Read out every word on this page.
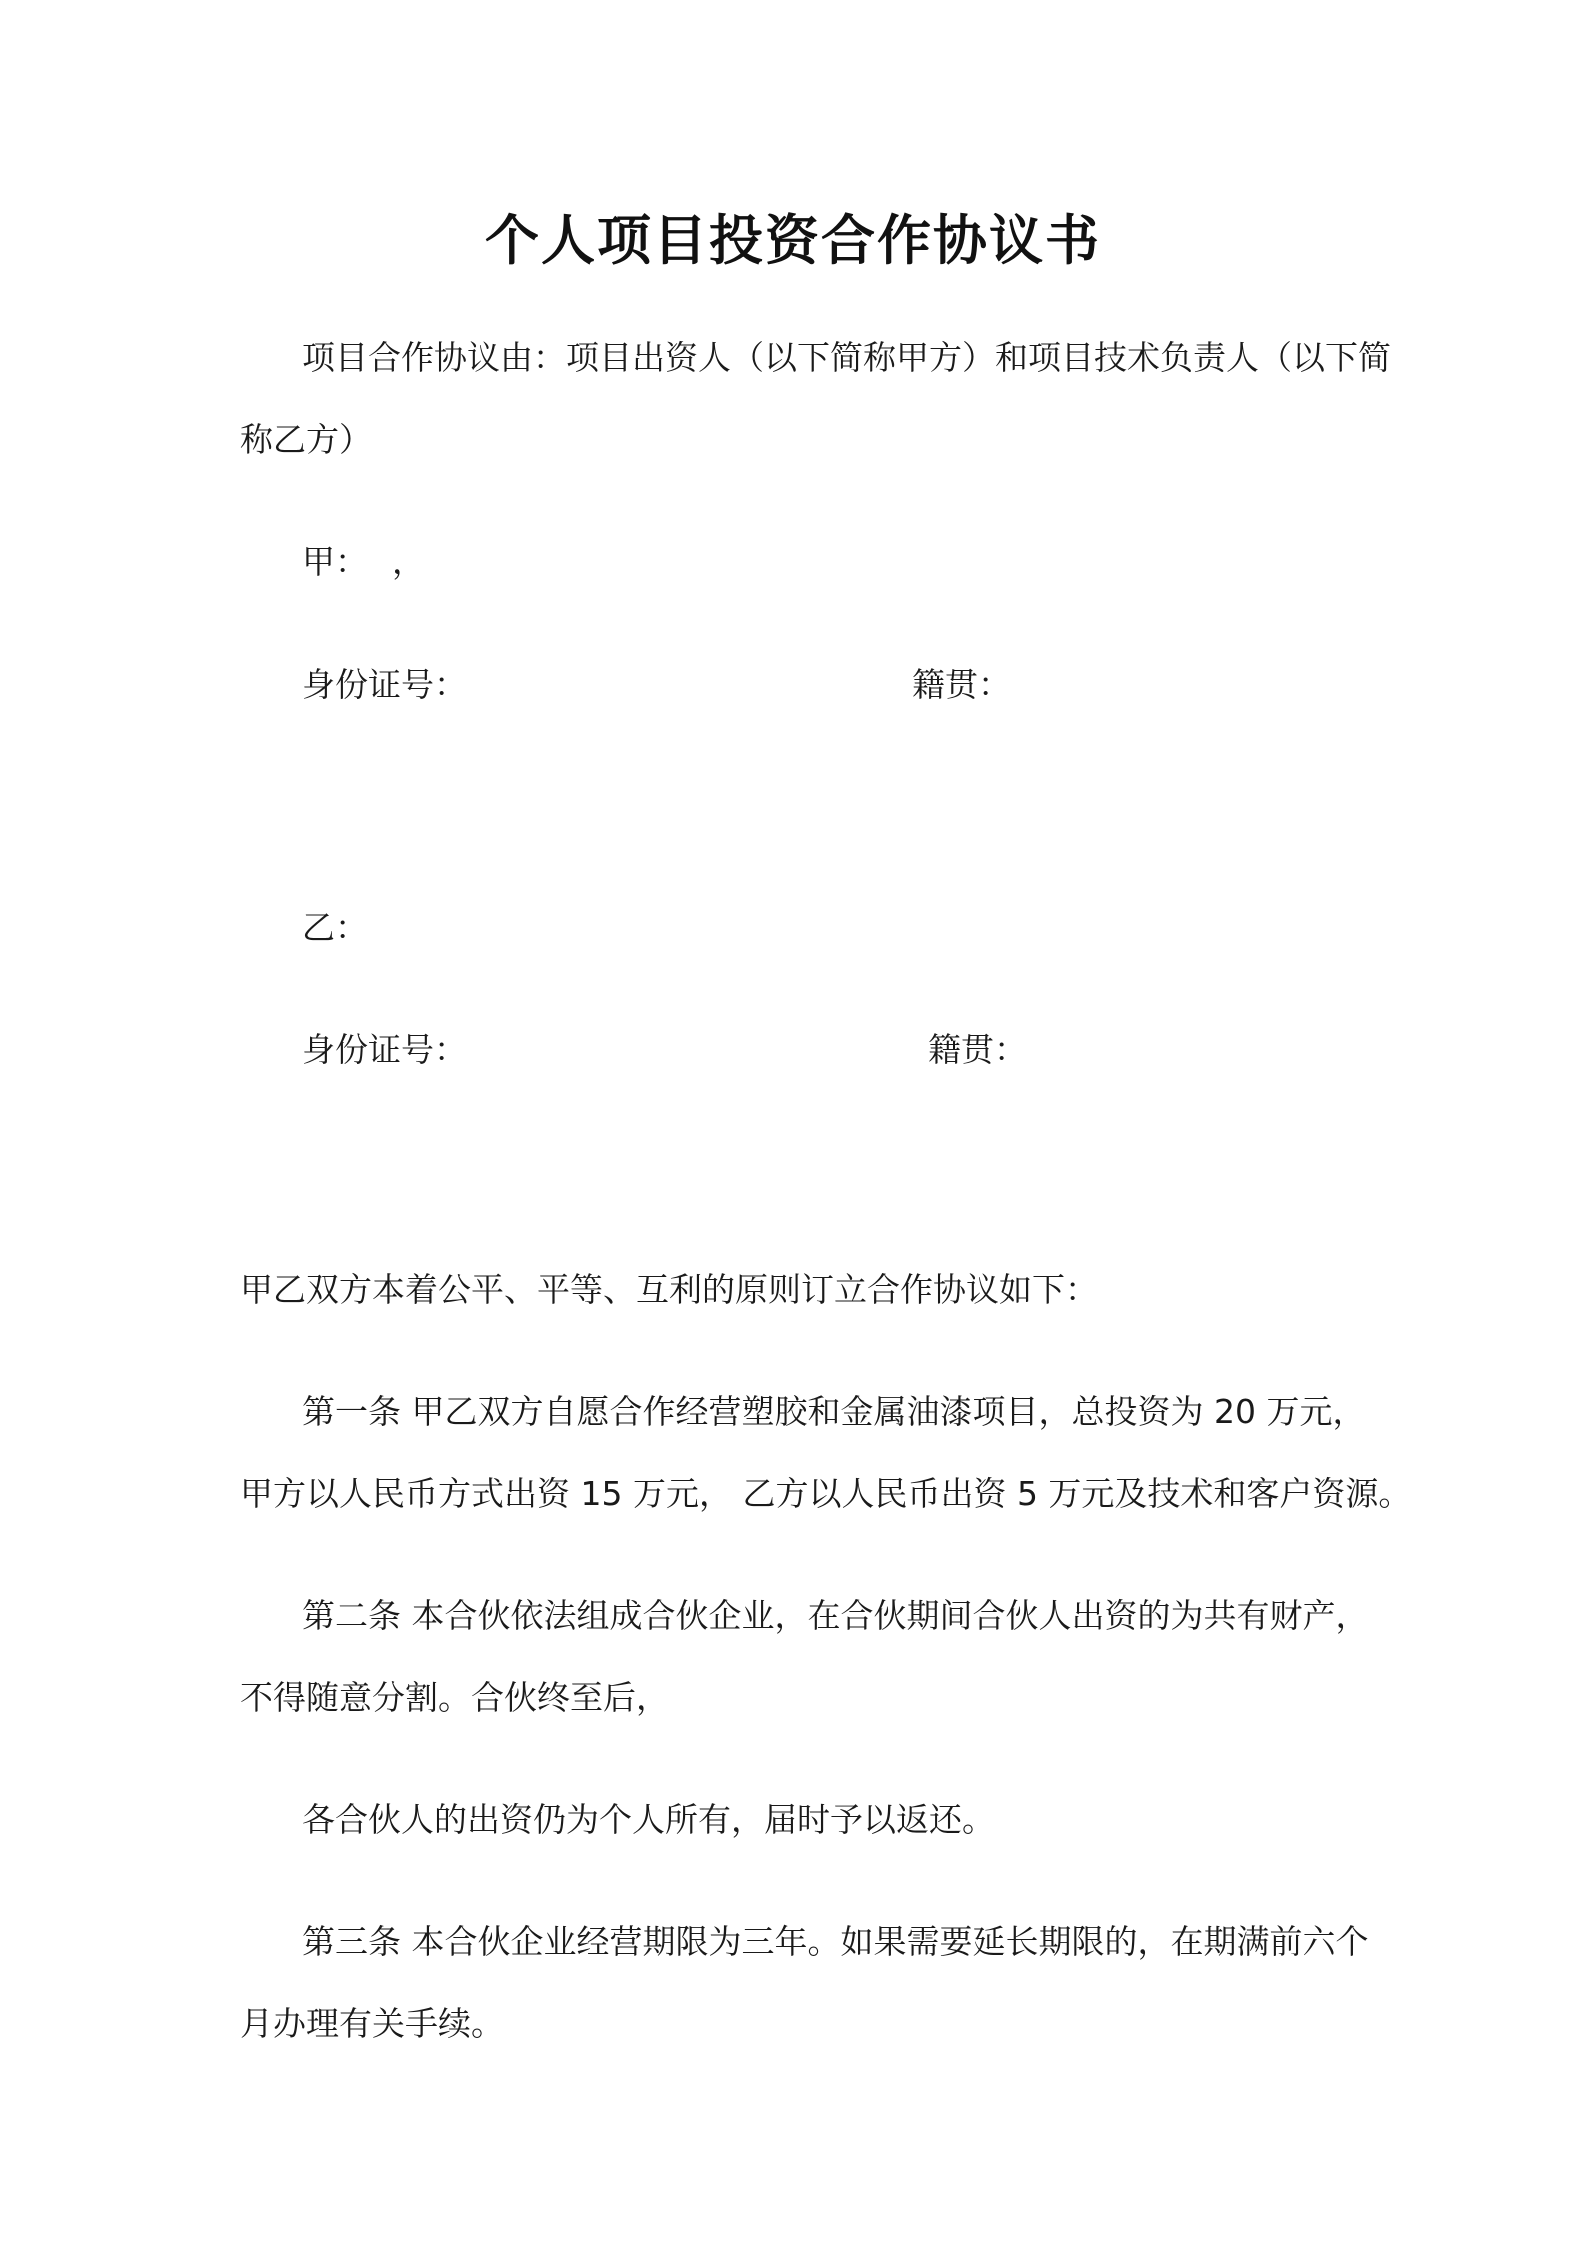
个人项目投资合作协议书
项目合作协议由：项目出资人（以下简称甲方）和项目技术负责人（以下简
称乙方）
甲： ，
身份证号：	籍贯：
乙：
身份证号：	籍贯：
甲乙双方本着公平、平等、互利的原则订立合作协议如下：
第一条 甲乙双方自愿合作经营塑胶和金属油漆项目，总投资为 20 万元，
甲方以人民币方式出资 15 万元， 乙方以人民币出资 5 万元及技术和客户资源。
第二条 本合伙依法组成合伙企业，在合伙期间合伙人出资的为共有财产，
不得随意分割。合伙终至后，
各合伙人的出资仍为个人所有，届时予以返还。
第三条 本合伙企业经营期限为三年。如果需要延长期限的，在期满前六个
月办理有关手续。
